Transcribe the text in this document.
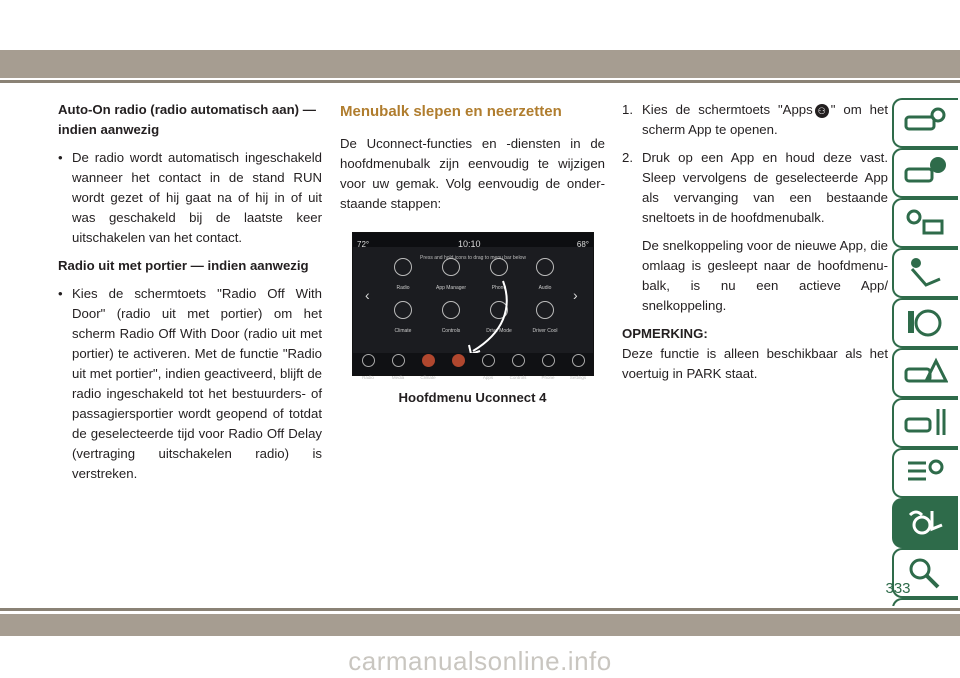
Auto-On radio (radio automatisch aan) — indien aanwezig

• De radio wordt automatisch ingeschakeld wanneer het contact in de stand RUN wordt gezet of hij gaat na of hij in of uit was geschakeld bij de laatste keer uitschakelen van het contact.

Radio uit met portier — indien aanwezig

• Kies de schermtoets "Radio Off With Door" (radio uit met portier) om het scherm Radio Off With Door (radio uit met portier) te activeren. Met de functie "Radio uit met portier", indien geactiveerd, blijft de radio ingeschakeld tot het bestuurders- of passagiersportier wordt geopend of totdat de geselecteerde tijd voor Radio Off Delay (vertraging uitschakelen radio) is verstreken.
Menubalk slepen en neerzetten

De Uconnect-functies en -diensten in de hoofdmenubalk zijn eenvoudig te wijzigen voor uw gemak. Volg eenvoudig de onderstaande stappen:

72°	10:10	68°
Press and hold icons to drag to menu bar below
Radio	App Manager	Phone	Audio
Climate	Controls	Drive Mode	Driver Cool
‹	›
Radio	Media	Climate	Apps	Controls	Phone	Settings
Hoofdmenu Uconnect 4
1. Kies de schermtoets "Apps ⚇ " om het scherm App te openen.
2. Druk op een App en houd deze vast. Sleep vervolgens de geselecteerde App als vervanging van een bestaande sneltoets in de hoofdmenubalk.

De snelkoppeling voor de nieuwe App, die omlaag is gesleept naar de hoofdmenubalk, is nu een actieve App/ snelkoppeling.

OPMERKING:

Deze functie is alleen beschikbaar als het voertuig in PARK staat.

333
carmanualsonline.info
